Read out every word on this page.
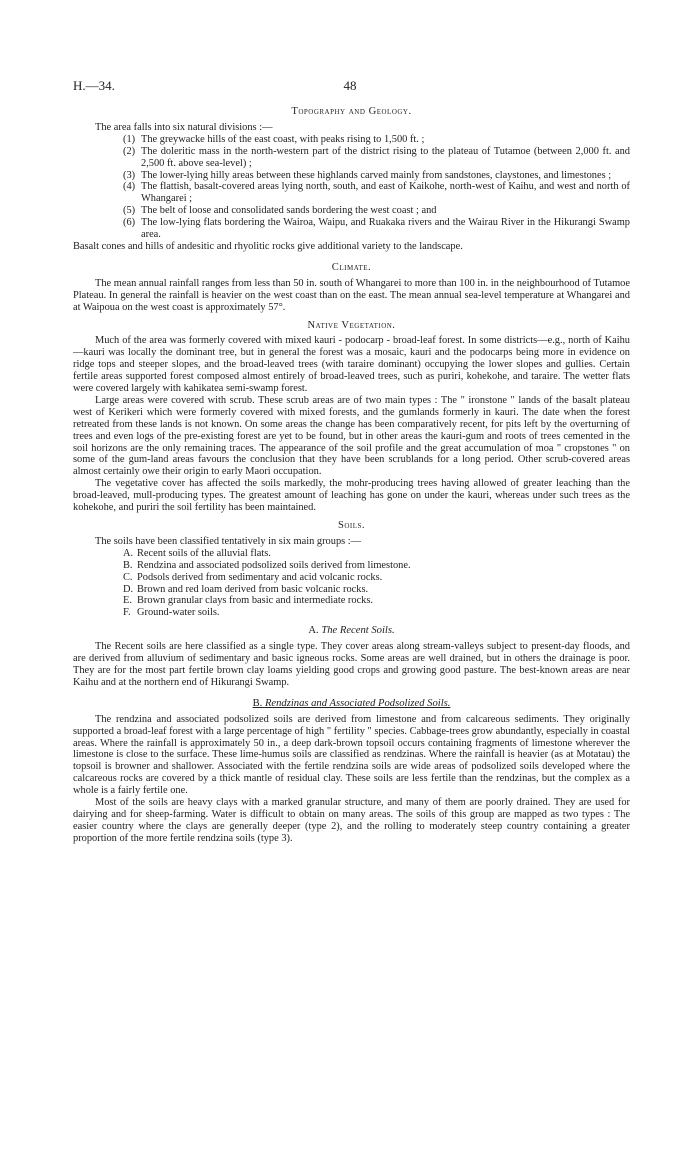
H.—34.	48
Topography and Geology.

The area falls into six natural divisions :—

(1) The greywacke hills of the east coast, with peaks rising to 1,500 ft. ;
(2) The doleritic mass in the north-western part of the district rising to the plateau of Tutamoe (between 2,000 ft. and 2,500 ft. above sea-level) ;
(3) The lower-lying hilly areas between these highlands carved mainly from sandstones, claystones, and limestones ;
(4) The flattish, basalt-covered areas lying north, south, and east of Kaikohe, north-west of Kaihu, and west and north of Whangarei ;
(5) The belt of loose and consolidated sands bordering the west coast ; and
(6) The low-lying flats bordering the Wairoa, Waipu, and Ruakaka rivers and the Wairau River in the Hikurangi Swamp area.

Basalt cones and hills of andesitic and rhyolitic rocks give additional variety to the landscape.

Climate.

The mean annual rainfall ranges from less than 50 in. south of Whangarei to more than 100 in. in the neighbourhood of Tutamoe Plateau. In general the rainfall is heavier on the west coast than on the east. The mean annual sea-level temperature at Whangarei and at Waipoua on the west coast is approximately 57°.

Native Vegetation.

Much of the area was formerly covered with mixed kauri - podocarp - broad-leaf forest. In some districts—e.g., north of Kaihu—kauri was locally the dominant tree, but in general the forest was a mosaic, kauri and the podocarps being more in evidence on ridge tops and steeper slopes, and the broad-leaved trees (with taraire dominant) occupying the lower slopes and gullies. Certain fertile areas supported forest composed almost entirely of broad-leaved trees, such as puriri, kohekohe, and taraire. The wetter flats were covered largely with kahikatea semi-swamp forest.

Large areas were covered with scrub. These scrub areas are of two main types : The " ironstone " lands of the basalt plateau west of Kerikeri which were formerly covered with mixed forests, and the gumlands formerly in kauri. The date when the forest retreated from these lands is not known. On some areas the change has been comparatively recent, for pits left by the overturning of trees and even logs of the pre-existing forest are yet to be found, but in other areas the kauri-gum and roots of trees cemented in the soil horizons are the only remaining traces. The appearance of the soil profile and the great accumulation of moa " cropstones " on some of the gum-land areas favours the conclusion that they have been scrublands for a long period. Other scrub-covered areas almost certainly owe their origin to early Maori occupation.

The vegetative cover has affected the soils markedly, the mohr-producing trees having allowed of greater leaching than the broad-leaved, mull-producing types. The greatest amount of leaching has gone on under the kauri, whereas under such trees as the kohekohe, and puriri the soil fertility has been maintained.

Soils.

The soils have been classified tentatively in six main groups :—

A. Recent soils of the alluvial flats.
B. Rendzina and associated podsolized soils derived from limestone.
C. Podsols derived from sedimentary and acid volcanic rocks.
D. Brown and red loam derived from basic volcanic rocks.
E. Brown granular clays from basic and intermediate rocks.
F. Ground-water soils.
A. The Recent Soils.

The Recent soils are here classified as a single type. They cover areas along stream-valleys subject to present-day floods, and are derived from alluvium of sedimentary and basic igneous rocks. Some areas are well drained, but in others the drainage is poor. They are for the most part fertile brown clay loams yielding good crops and growing good pasture. The best-known areas are near Kaihu and at the northern end of Hikurangi Swamp.

B. Rendzinas and Associated Podsolized Soils.

The rendzina and associated podsolized soils are derived from limestone and from calcareous sediments. They originally supported a broad-leaf forest with a large percentage of high " fertility " species. Cabbage-trees grow abundantly, especially in coastal areas. Where the rainfall is approximately 50 in., a deep dark-brown topsoil occurs containing fragments of limestone wherever the limestone is close to the surface. These lime-humus soils are classified as rendzinas. Where the rainfall is heavier (as at Motatau) the topsoil is browner and shallower. Associated with the fertile rendzina soils are wide areas of podsolized soils developed where the calcareous rocks are covered by a thick mantle of residual clay. These soils are less fertile than the rendzinas, but the complex as a whole is a fairly fertile one.

Most of the soils are heavy clays with a marked granular structure, and many of them are poorly drained. They are used for dairying and for sheep-farming. Water is difficult to obtain on many areas. The soils of this group are mapped as two types : The easier country where the clays are generally deeper (type 2), and the rolling to moderately steep country containing a greater proportion of the more fertile rendzina soils (type 3).
